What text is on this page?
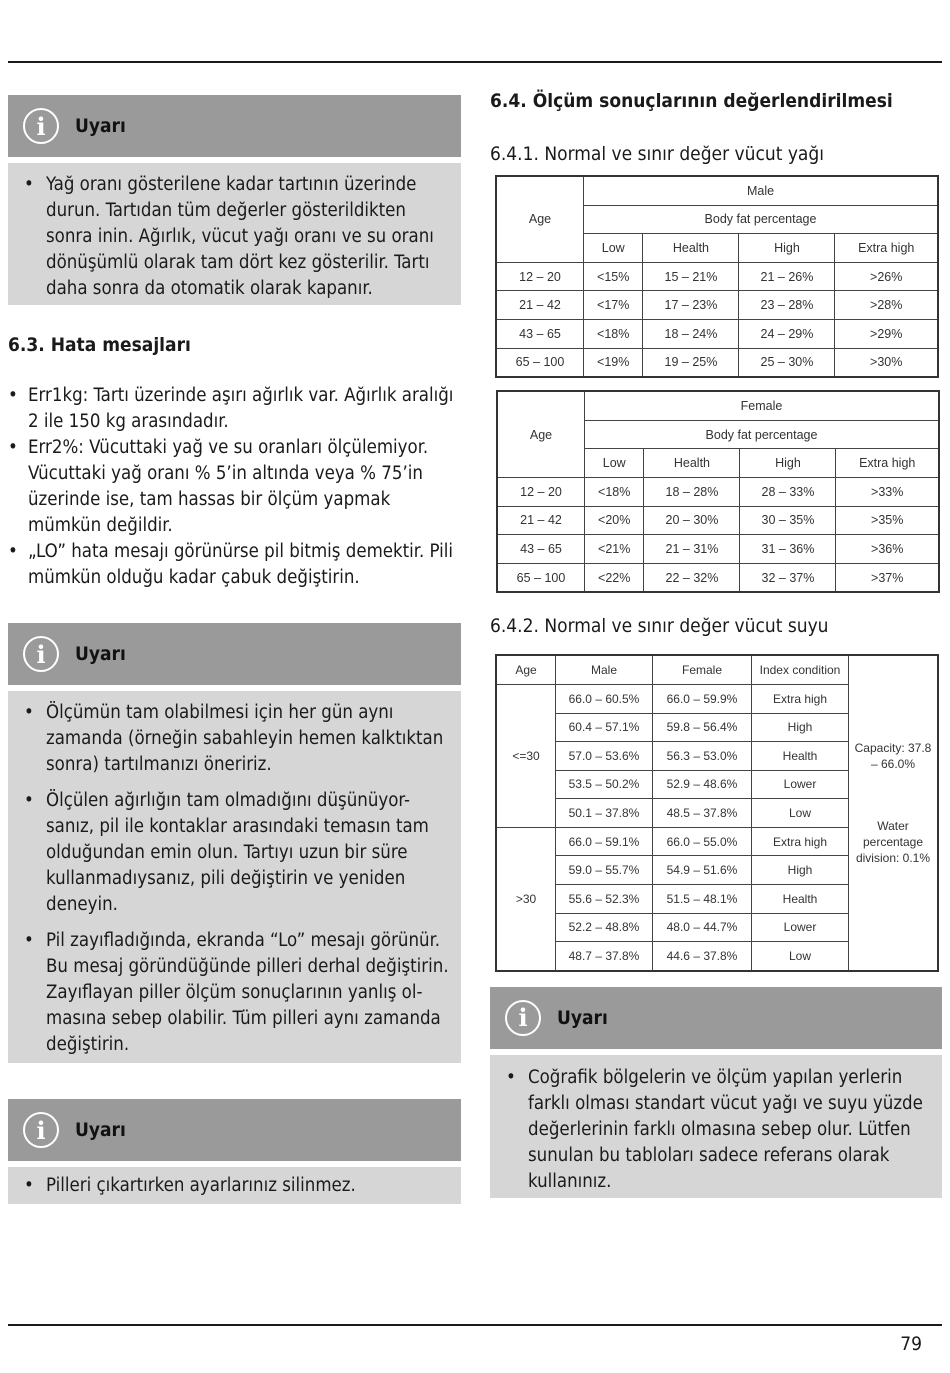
i	Uyarı
• Yağ oranı gösterilene kadar tartının üzerinde durun. Tartıdan tüm değerler gösterildikten sonra inin. Ağırlık, vücut yağı oranı ve su oranı dönüşümlü olarak tam dört kez gösterilir. Tartı daha sonra da otomatik olarak kapanır.
6.3. Hata mesajları
• Err1kg: Tartı üzerinde aşırı ağırlık var. Ağırlık aralığı 2 ile 150 kg arasındadır.
• Err2%: Vücuttaki yağ ve su oranları ölçülemiyor. Vücuttaki yağ oranı % 5’in altında veya % 75’in üzerinde ise, tam hassas bir ölçüm yapmak mümkün değildir.
• „LO” hata mesajı görünürse pil bitmiş demektir. Pili mümkün olduğu kadar çabuk değiştirin.
i	Uyarı
• Ölçümün tam olabilmesi için her gün aynı zamanda (örneğin sabahleyin hemen kalktıktan sonra) tartılmanızı öneririz.
• Ölçülen ağırlığın tam olmadığını düşünüyor-sanız, pil ile kontaklar arasındaki temasın tam olduğundan emin olun. Tartıyı uzun bir süre kullanmadıysanız, pili değiştirin ve yeniden deneyin.
• Pil zayıfladığında, ekranda “Lo” mesajı görünür. Bu mesaj göründüğünde pilleri derhal değiştirin. Zayıflayan piller ölçüm sonuçlarının yanlış ol-masına sebep olabilir. Tüm pilleri aynı zamanda değiştirin.
i	Uyarı
• Pilleri çıkartırken ayarlarınız silinmez.
6.4. Ölçüm sonuçlarının değerlendirilmesi
6.4.1. Normal ve sınır değer vücut yağı
Age	Male			
	Body fat percentage			
	Low	Health	High	Extra high
12 – 20	<15%	15 – 21%	21 – 26%	>26%
21 – 42	<17%	17 – 23%	23 – 28%	>28%
43 – 65	<18%	18 – 24%	24 – 29%	>29%
65 – 100	<19%	19 – 25%	25 – 30%	>30%
Age	Female			
	Body fat percentage			
	Low	Health	High	Extra high
12 – 20	<18%	18 – 28%	28 – 33%	>33%
21 – 42	<20%	20 – 30%	30 – 35%	>35%
43 – 65	<21%	21 – 31%	31 – 36%	>36%
65 – 100	<22%	22 – 32%	32 – 37%	>37%
6.4.2. Normal ve sınır değer vücut suyu
Age	Male	Female	Index condition	Capacity: 37.8 – 66.0%
Water percentage division: 0.1%

<=30	66.0 – 60.5%	66.0 – 59.9%	Extra high	
	60.4 – 57.1%	59.8 – 56.4%	High	
	57.0 – 53.6%	56.3 – 53.0%	Health	
	53.5 – 50.2%	52.9 – 48.6%	Lower	
	50.1 – 37.8%	48.5 – 37.8%	Low	
>30	66.0 – 59.1%	66.0 – 55.0%	Extra high	
	59.0 – 55.7%	54.9 – 51.6%	High	
	55.6 – 52.3%	51.5 – 48.1%	Health	
	52.2 – 48.8%	48.0 – 44.7%	Lower	
	48.7 – 37.8%	44.6 – 37.8%	Low	
i	Uyarı
• Coğrafik bölgelerin ve ölçüm yapılan yerlerin farklı olması standart vücut yağı ve suyu yüzde değerlerinin farklı olmasına sebep olur. Lütfen sunulan bu tabloları sadece referans olarak kullanınız.
79
